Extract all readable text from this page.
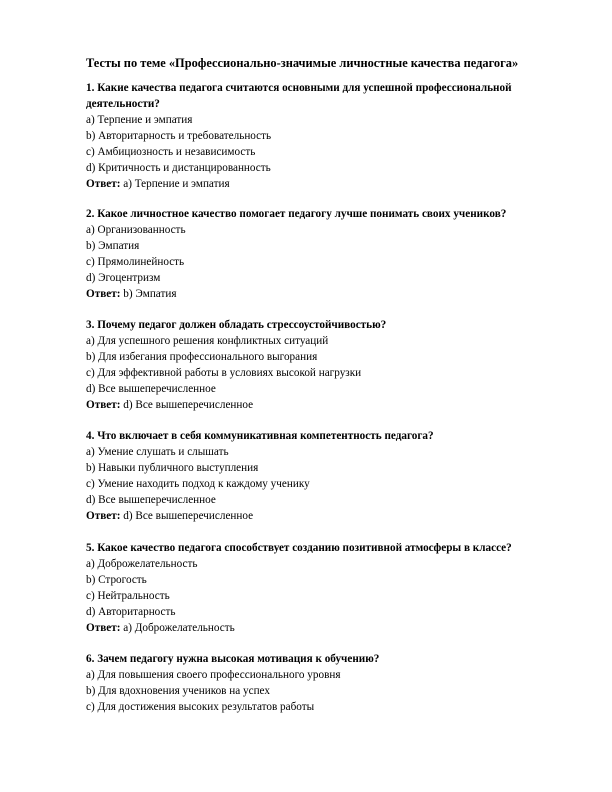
Тесты по теме «Профессионально-значимые личностные качества педагога»
1. Какие качества педагога считаются основными для успешной профессиональной деятельности?
a) Терпение и эмпатия
b) Авторитарность и требовательность
c) Амбициозность и независимость
d) Критичность и дистанцированность
Ответ: a) Терпение и эмпатия
2. Какое личностное качество помогает педагогу лучше понимать своих учеников?
a) Организованность
b) Эмпатия
c) Прямолинейность
d) Эгоцентризм
Ответ: b) Эмпатия
3. Почему педагог должен обладать стрессоустойчивостью?
a) Для успешного решения конфликтных ситуаций
b) Для избегания профессионального выгорания
c) Для эффективной работы в условиях высокой нагрузки
d) Все вышеперечисленное
Ответ: d) Все вышеперечисленное
4. Что включает в себя коммуникативная компетентность педагога?
a) Умение слушать и слышать
b) Навыки публичного выступления
c) Умение находить подход к каждому ученику
d) Все вышеперечисленное
Ответ: d) Все вышеперечисленное
5. Какое качество педагога способствует созданию позитивной атмосферы в классе?
a) Доброжелательность
b) Строгость
c) Нейтральность
d) Авторитарность
Ответ: a) Доброжелательность
6. Зачем педагогу нужна высокая мотивация к обучению?
a) Для повышения своего профессионального уровня
b) Для вдохновения учеников на успех
c) Для достижения высоких результатов работы
